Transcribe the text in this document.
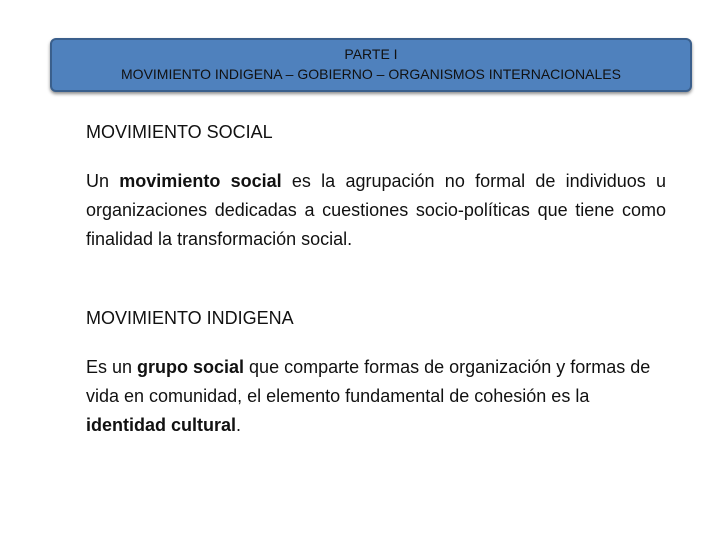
PARTE I
MOVIMIENTO INDIGENA – GOBIERNO – ORGANISMOS INTERNACIONALES
MOVIMIENTO SOCIAL

Un movimiento social es la agrupación no formal de individuos u organizaciones dedicadas a cuestiones socio-políticas que tiene como finalidad la transformación social.

MOVIMIENTO INDIGENA

Es un grupo social que comparte formas de organización y formas de vida en comunidad, el elemento fundamental de cohesión es la identidad cultural.
